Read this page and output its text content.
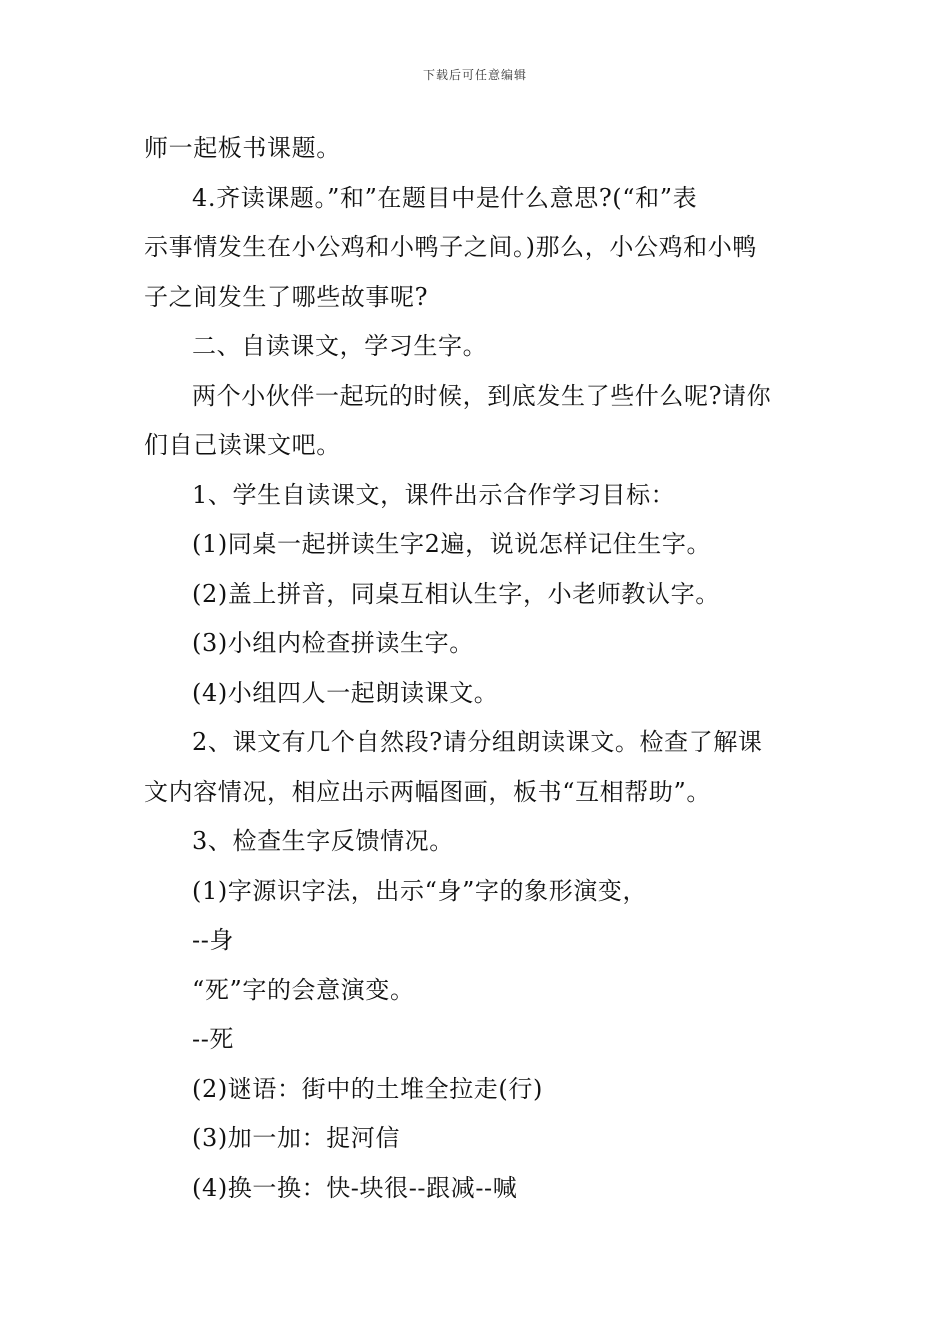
下载后可任意编辑

师一起板书课题。

4.齐读课题。”和”在题目中是什么意思?(“和”表

示事情发生在小公鸡和小鸭子之间。)那么，小公鸡和小鸭

子之间发生了哪些故事呢?

二、自读课文，学习生字。

两个小伙伴一起玩的时候，到底发生了些什么呢?请你

们自己读课文吧。

1、学生自读课文，课件出示合作学习目标：

(1)同桌一起拼读生字2遍，说说怎样记住生字。

(2)盖上拼音，同桌互相认生字，小老师教认字。

(3)小组内检查拼读生字。

(4)小组四人一起朗读课文。

2、课文有几个自然段?请分组朗读课文。检查了解课

文内容情况，相应出示两幅图画，板书“互相帮助”。

3、检查生字反馈情况。

(1)字源识字法，出示“身”字的象形演变，

--身

“死”字的会意演变。

--死

(2)谜语：街中的土堆全拉走(行)

(3)加一加：捉河信

(4)换一换：快-块很--跟减--喊
